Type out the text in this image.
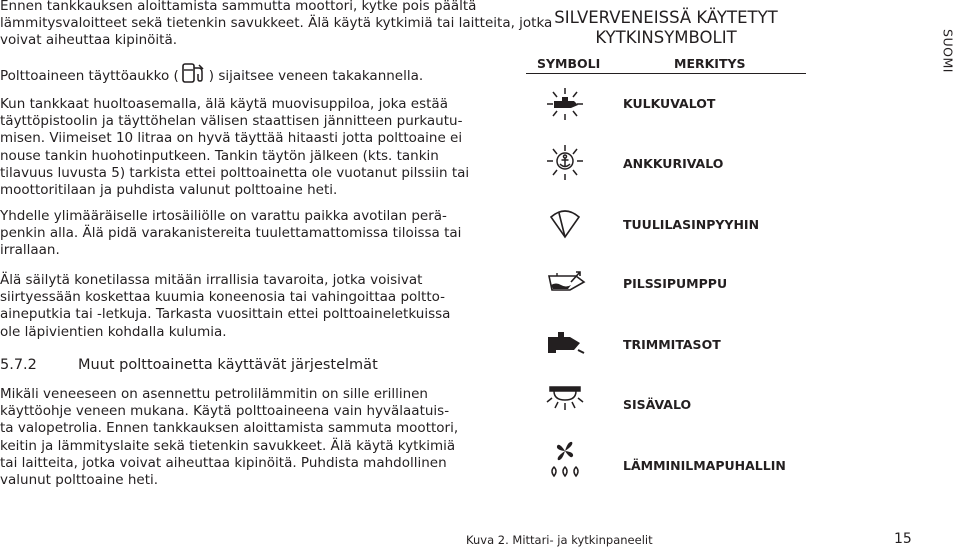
Ennen tankkauksen aloittamista sammutta moottori, kytke pois päältä
lämmitysvaloitteet sekä tietenkin savukkeet. Älä käytä kytkimiä tai laitteita, jotka
voivat aiheuttaa kipinöitä.
Polttoaineen täyttöaukko ( ) sijaitsee veneen takakannella.
Kun tankkaat huoltoasemalla, älä käytä muovisuppiloa, joka estää
täyttöpistoolin ja täyttöhelan välisen staattisen jännitteen purkautu-
misen. Viimeiset 10 litraa on hyvä täyttää hitaasti jotta polttoaine ei
nouse tankin huohotinputkeen. Tankin täytön jälkeen (kts. tankin
tilavuus luvusta 5) tarkista ettei polttoainetta ole vuotanut pilssiin tai
moottoritilaan ja puhdista valunut polttoaine heti.
Yhdelle ylimääräiselle irtosäiliölle on varattu paikka avotilan perä-
penkin alla. Älä pidä varakanistereita tuulettamattomissa tiloissa tai
irrallaan.
Älä säilytä konetilassa mitään irrallisia tavaroita, jotka voisivat
siirtyessään koskettaa kuumia koneenosia tai vahingoittaa poltto-
aineputkia tai -letkuja. Tarkasta vuosittain ettei polttoaineletkuissa
ole läpivientien kohdalla kulumia.
5.7.2	Muut polttoainetta käyttävät järjestelmät
Mikäli veneeseen on asennettu petrolilämmitin on sille erillinen
käyttöohje veneen mukana. Käytä polttoaineena vain hyvälaatuis-
ta valopetrolia. Ennen tankkauksen aloittamista sammuta moottori,
keitin ja lämmityslaite sekä tietenkin savukkeet. Älä käytä kytkimiä
tai laitteita, jotka voivat aiheuttaa kipinöitä. Puhdista mahdollinen
valunut polttoaine heti.
SILVERVENEISSÄ KÄYTETYT
KYTKINSYMBOLIT
SYMBOLI	MERKITYS	SUOMI
KULKUVALOT
ANKKURIVALO
TUULILASINPYYHIN
PILSSIPUMPPU
TRIMMITASOT
SISÄVALO
LÄMMINILMAPUHALLIN
Kuva 2. Mittari- ja kytkinpaneelit	15
